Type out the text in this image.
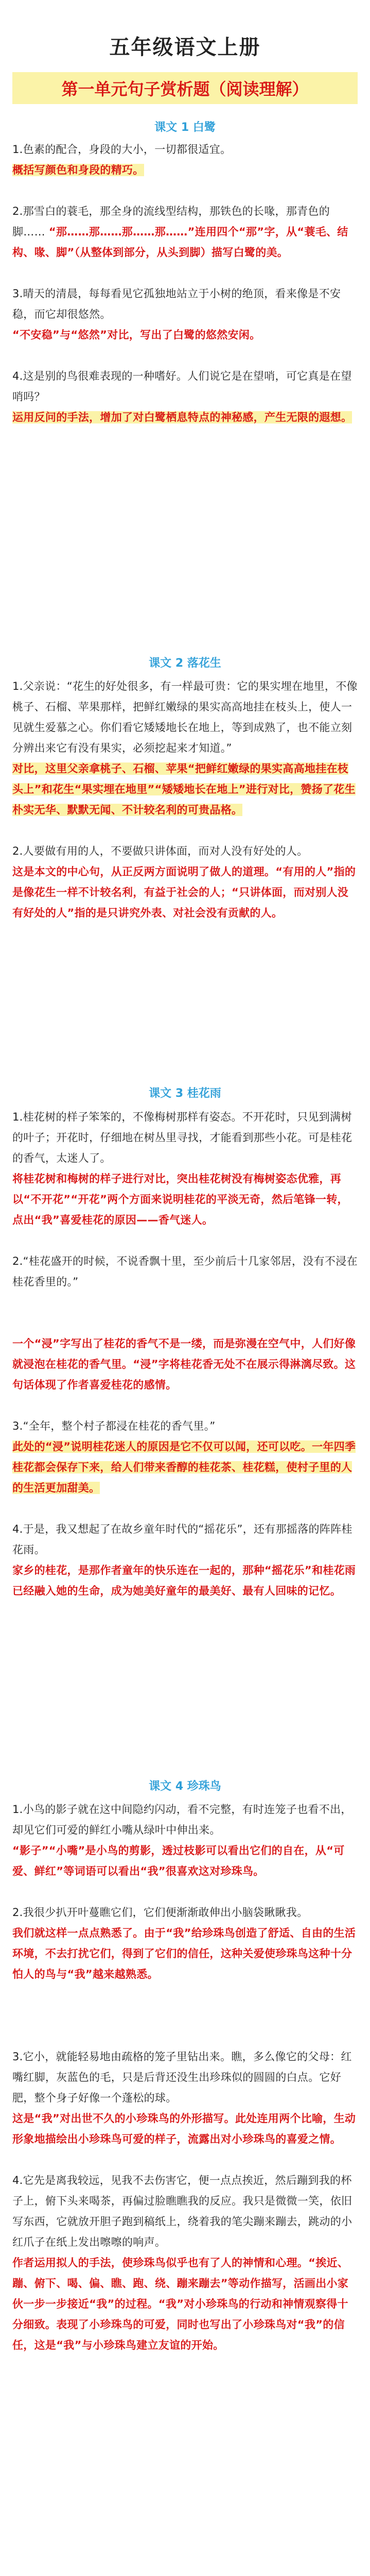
五年级语文上册
第一单元句子赏析题（阅读理解）
课文 1 白鹭
1.色素的配合，身段的大小，一切都很适宜。
概括写颜色和身段的精巧。
2.那雪白的蓑毛，那全身的流线型结构，那铁色的长喙，那青色的脚…… “那……那……那……那……”连用四个“那”字，从“蓑毛、结构、喙、脚”（从整体到部分，从头到脚）描写白鹭的美。
3.晴天的清晨，每每看见它孤独地站立于小树的绝顶，看来像是不安稳，而它却很悠然。
“不安稳”与“悠然”对比，写出了白鹭的悠然安闲。
4.这是别的鸟很难表现的一种嗜好。人们说它是在望哨，可它真是在望哨吗？
运用反问的手法，增加了对白鹭栖息特点的神秘感，产生无限的遐想。
课文 2 落花生
1.父亲说：“花生的好处很多，有一样最可贵：它的果实埋在地里，不像桃子、石榴、苹果那样，把鲜红嫩绿的果实高高地挂在枝头上，使人一见就生爱慕之心。你们看它矮矮地长在地上，等到成熟了，也不能立刻分辨出来它有没有果实，必须挖起来才知道。”
对比，这里父亲拿桃子、石榴、苹果“把鲜红嫩绿的果实高高地挂在枝头上”和花生“果实埋在地里”“矮矮地长在地上”进行对比，赞扬了花生朴实无华、默默无闻、不计较名利的可贵品格。
2.人要做有用的人，不要做只讲体面，而对人没有好处的人。
这是本文的中心句，从正反两方面说明了做人的道理。“有用的人”指的是像花生一样不计较名利，有益于社会的人；“只讲体面，而对别人没有好处的人”指的是只讲究外表、对社会没有贡献的人。
课文 3 桂花雨
1.桂花树的样子笨笨的，不像梅树那样有姿态。不开花时，只见到满树的叶子；开花时，仔细地在树丛里寻找，才能看到那些小花。可是桂花的香气，太迷人了。
将桂花树和梅树的样子进行对比，突出桂花树没有梅树姿态优雅，再以“不开花”“开花”两个方面来说明桂花的平淡无奇，然后笔锋一转，点出“我”喜爱桂花的原因——香气迷人。
2.“桂花盛开的时候，不说香飘十里，至少前后十几家邻居，没有不浸在桂花香里的。”
一个“浸”字写出了桂花的香气不是一缕，而是弥漫在空气中，人们好像就浸泡在桂花的香气里。“浸”字将桂花香无处不在展示得淋漓尽致。这句话体现了作者喜爱桂花的感情。
3.“全年，整个村子都浸在桂花的香气里。”
此处的“浸”说明桂花迷人的原因是它不仅可以闻，还可以吃。一年四季桂花都会保存下来，给人们带来香醇的桂花茶、桂花糕，使村子里的人的生活更加甜美。
4.于是，我又想起了在故乡童年时代的“摇花乐”，还有那摇落的阵阵桂花雨。
家乡的桂花，是那作者童年的快乐连在一起的，那种“摇花乐”和桂花雨已经融入她的生命，成为她美好童年的最美好、最有人回味的记忆。
课文 4 珍珠鸟
1.小鸟的影子就在这中间隐约闪动，看不完整，有时连笼子也看不出，却见它们可爱的鲜红小嘴从绿叶中伸出来。
“影子”“小嘴”是小鸟的剪影，透过枝影可以看出它们的自在，从“可爱、鲜红”等词语可以看出“我”很喜欢这对珍珠鸟。
2.我很少扒开叶蔓瞧它们，它们便渐渐敢伸出小脑袋瞅瞅我。
我们就这样一点点熟悉了。由于“我”给珍珠鸟创造了舒适、自由的生活环境，不去打扰它们，得到了它们的信任，这种关爱使珍珠鸟这种十分怕人的鸟与“我”越来越熟悉。
3.它小，就能轻易地由疏格的笼子里钻出来。瞧，多么像它的父母：红嘴红脚，灰蓝色的毛，只是后背还没生出珍珠似的圆圆的白点。它好肥，整个身子好像一个蓬松的球。
这是“我”对出世不久的小珍珠鸟的外形描写。此处连用两个比喻，生动形象地描绘出小珍珠鸟可爱的样子，流露出对小珍珠鸟的喜爱之情。
4.它先是离我较远，见我不去伤害它，便一点点挨近，然后蹦到我的杯子上，俯下头来喝茶，再偏过脸瞧瞧我的反应。我只是微微一笑，依旧写东西，它就放开胆子跑到稿纸上，绕着我的笔尖蹦来蹦去，跳动的小红爪子在纸上发出嚓嚓的响声。
作者运用拟人的手法，使珍珠鸟似乎也有了人的神情和心理。“挨近、蹦、俯下、喝、偏、瞧、跑、绕、蹦来蹦去”等动作描写，活画出小家伙一步一步接近“我”的过程。“我”对小珍珠鸟的行动和神情观察得十分细致。表现了小珍珠鸟的可爱，同时也写出了小珍珠鸟对“我”的信任，这是“我”与小珍珠鸟建立友谊的开始。
